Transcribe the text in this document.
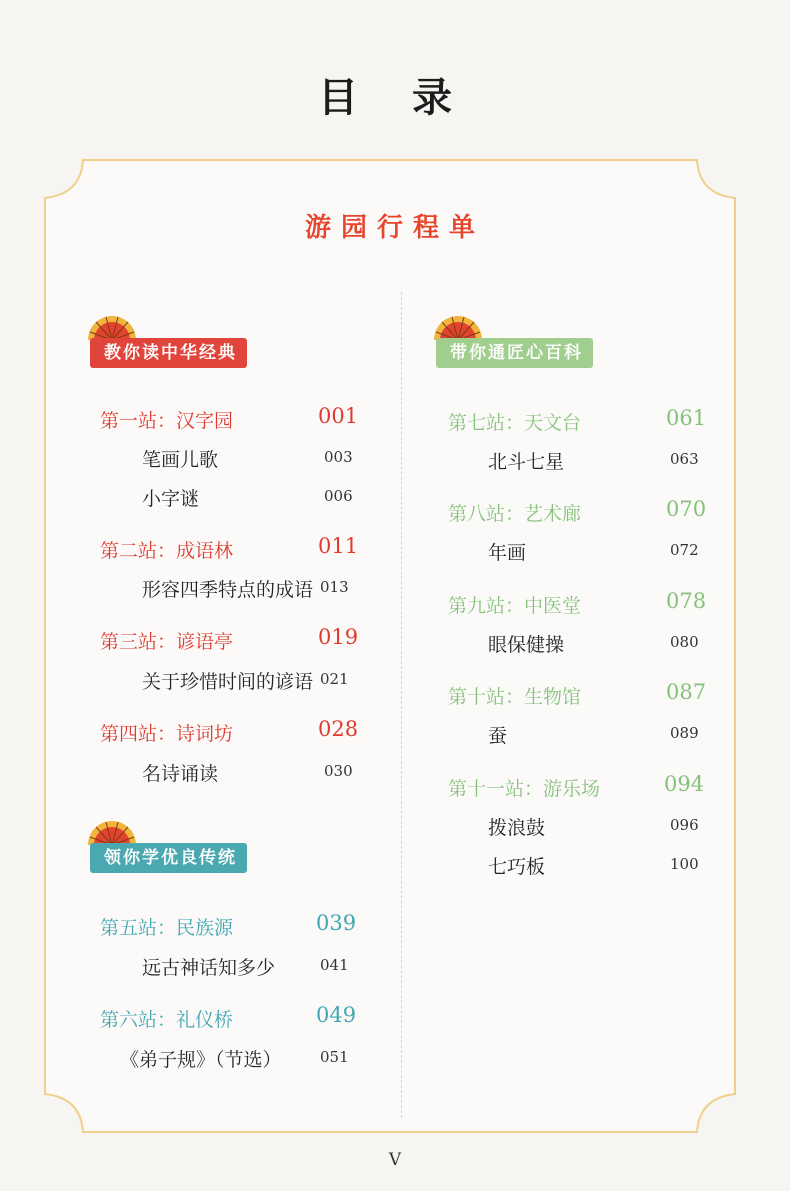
目 录
游园行程单
教你读中华经典	带你通匠心百科
领你学优良传统
第一站：汉字园	001
笔画儿歌	003
小字谜	006
第二站：成语林	011
形容四季特点的成语 013
第三站：谚语亭	019
关于珍惜时间的谚语 021
第四站：诗词坊	028
名诗诵读	030
第五站：民族源	039
远古神话知多少	041
第六站：礼仪桥	049
《弟子规》（节选）	051
第七站：天文台	061
北斗七星	063
第八站：艺术廊	070
年画	072
第九站：中医堂	078
眼保健操	080
第十站：生物馆	087
蚕	089
第十一站：游乐场	094
拨浪鼓	096
七巧板	100
V
